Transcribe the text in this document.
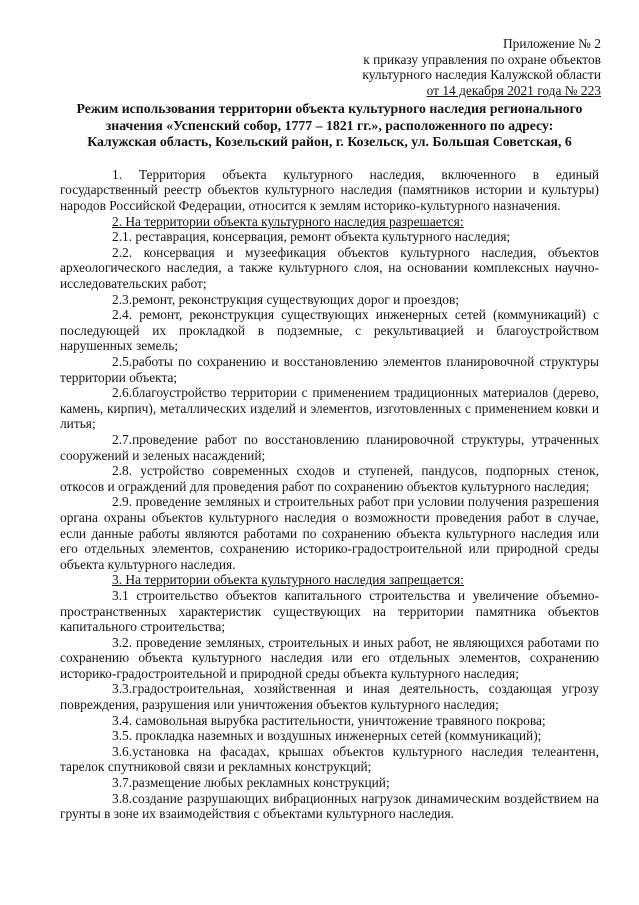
Приложение № 2
к приказу управления по охране объектов
культурного наследия Калужской области
от 14 декабря 2021 года № 223
Режим использования территории объекта культурного наследия регионального
значения «Успенский собор, 1777 – 1821 гг.», расположенного по адресу:
Калужская область, Козельский район, г. Козельск, ул. Большая Советская, 6

1. Территория объекта культурного наследия, включенного в единый государственный реестр объектов культурного наследия (памятников истории и культуры) народов Российской Федерации, относится к землям историко-культурного назначения.

2. На территории объекта культурного наследия разрешается:

2.1. реставрация, консервация, ремонт объекта культурного наследия;

2.2. консервация и музеефикация объектов культурного наследия, объектов археологического наследия, а также культурного слоя, на основании комплексных научно-исследовательских работ;

2.3.ремонт, реконструкция существующих дорог и проездов;

2.4. ремонт, реконструкция существующих инженерных сетей (коммуникаций) с последующей их прокладкой в подземные, с рекультивацией и благоустройством нарушенных земель;

2.5.работы по сохранению и восстановлению элементов планировочной структуры территории объекта;

2.6.благоустройство территории с применением традиционных материалов (дерево, камень, кирпич), металлических изделий и элементов, изготовленных с применением ковки и литья;

2.7.проведение работ по восстановлению планировочной структуры, утраченных сооружений и зеленых насаждений;

2.8. устройство современных сходов и ступеней, пандусов, подпорных стенок, откосов и ограждений для проведения работ по сохранению объектов культурного наследия;

2.9. проведение земляных и строительных работ при условии получения разрешения органа охраны объектов культурного наследия о возможности проведения работ в случае, если данные работы являются работами по сохранению объекта культурного наследия или его отдельных элементов, сохранению историко-градостроительной или природной среды объекта культурного наследия.

3. На территории объекта культурного наследия запрещается:

3.1 строительство объектов капитального строительства и увеличение объемно-пространственных характеристик существующих на территории памятника объектов капитального строительства;

3.2. проведение земляных, строительных и иных работ, не являющихся работами по сохранению объекта культурного наследия или его отдельных элементов, сохранению историко-градостроительной и природной среды объекта культурного наследия;

3.3.градостроительная, хозяйственная и иная деятельность, создающая угрозу повреждения, разрушения или уничтожения объектов культурного наследия;

3.4. самовольная вырубка растительности, уничтожение травяного покрова;

3.5. прокладка наземных и воздушных инженерных сетей (коммуникаций);

3.6.установка на фасадах, крышах объектов культурного наследия телеантенн, тарелок спутниковой связи и рекламных конструкций;

3.7.размещение любых рекламных конструкций;

3.8.создание разрушающих вибрационных нагрузок динамическим воздействием на грунты в зоне их взаимодействия с объектами культурного наследия.
